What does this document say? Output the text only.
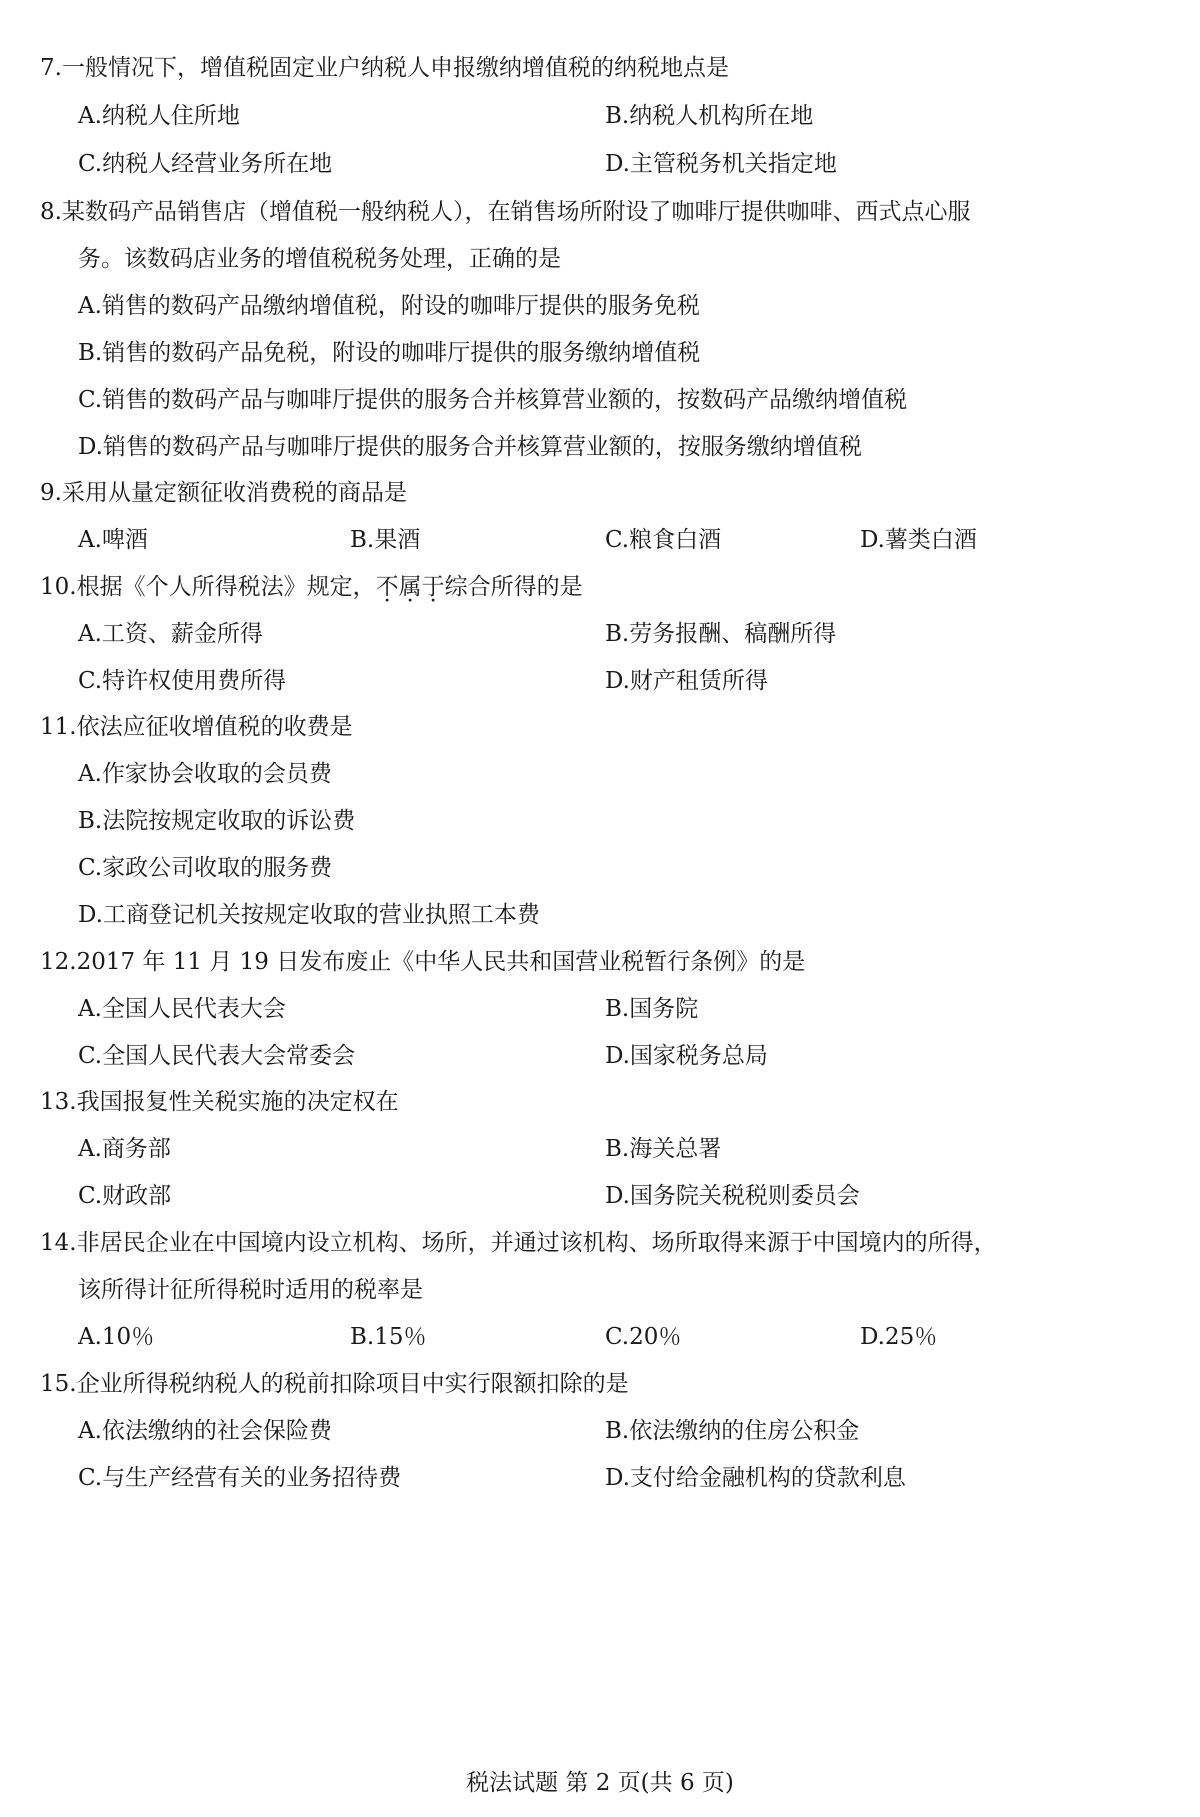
7.一般情况下，增值税固定业户纳税人申报缴纳增值税的纳税地点是
A.纳税人住所地	B.纳税人机构所在地
C.纳税人经营业务所在地	D.主管税务机关指定地
8.某数码产品销售店（增值税一般纳税人），在销售场所附设了咖啡厅提供咖啡、西式点心服
务。该数码店业务的增值税税务处理，正确的是
A.销售的数码产品缴纳增值税，附设的咖啡厅提供的服务免税
B.销售的数码产品免税，附设的咖啡厅提供的服务缴纳增值税
C.销售的数码产品与咖啡厅提供的服务合并核算营业额的，按数码产品缴纳增值税
D.销售的数码产品与咖啡厅提供的服务合并核算营业额的，按服务缴纳增值税
9.采用从量定额征收消费税的商品是
A.啤酒	B.果酒	C.粮食白酒	D.薯类白酒
10.根据《个人所得税法》规定，不属于综合所得的是
A.工资、薪金所得	B.劳务报酬、稿酬所得
C.特许权使用费所得	D.财产租赁所得
11.依法应征收增值税的收费是
A.作家协会收取的会员费
B.法院按规定收取的诉讼费
C.家政公司收取的服务费
D.工商登记机关按规定收取的营业执照工本费
12.2017 年 11 月 19 日发布废止《中华人民共和国营业税暂行条例》的是
A.全国人民代表大会	B.国务院
C.全国人民代表大会常委会	D.国家税务总局
13.我国报复性关税实施的决定权在
A.商务部	B.海关总署
C.财政部	D.国务院关税税则委员会
14.非居民企业在中国境内设立机构、场所，并通过该机构、场所取得来源于中国境内的所得，
该所得计征所得税时适用的税率是
A.10％	B.15％	C.20％	D.25％
15.企业所得税纳税人的税前扣除项目中实行限额扣除的是
A.依法缴纳的社会保险费	B.依法缴纳的住房公积金
C.与生产经营有关的业务招待费	D.支付给金融机构的贷款利息
税法试题 第 2 页(共 6 页)
